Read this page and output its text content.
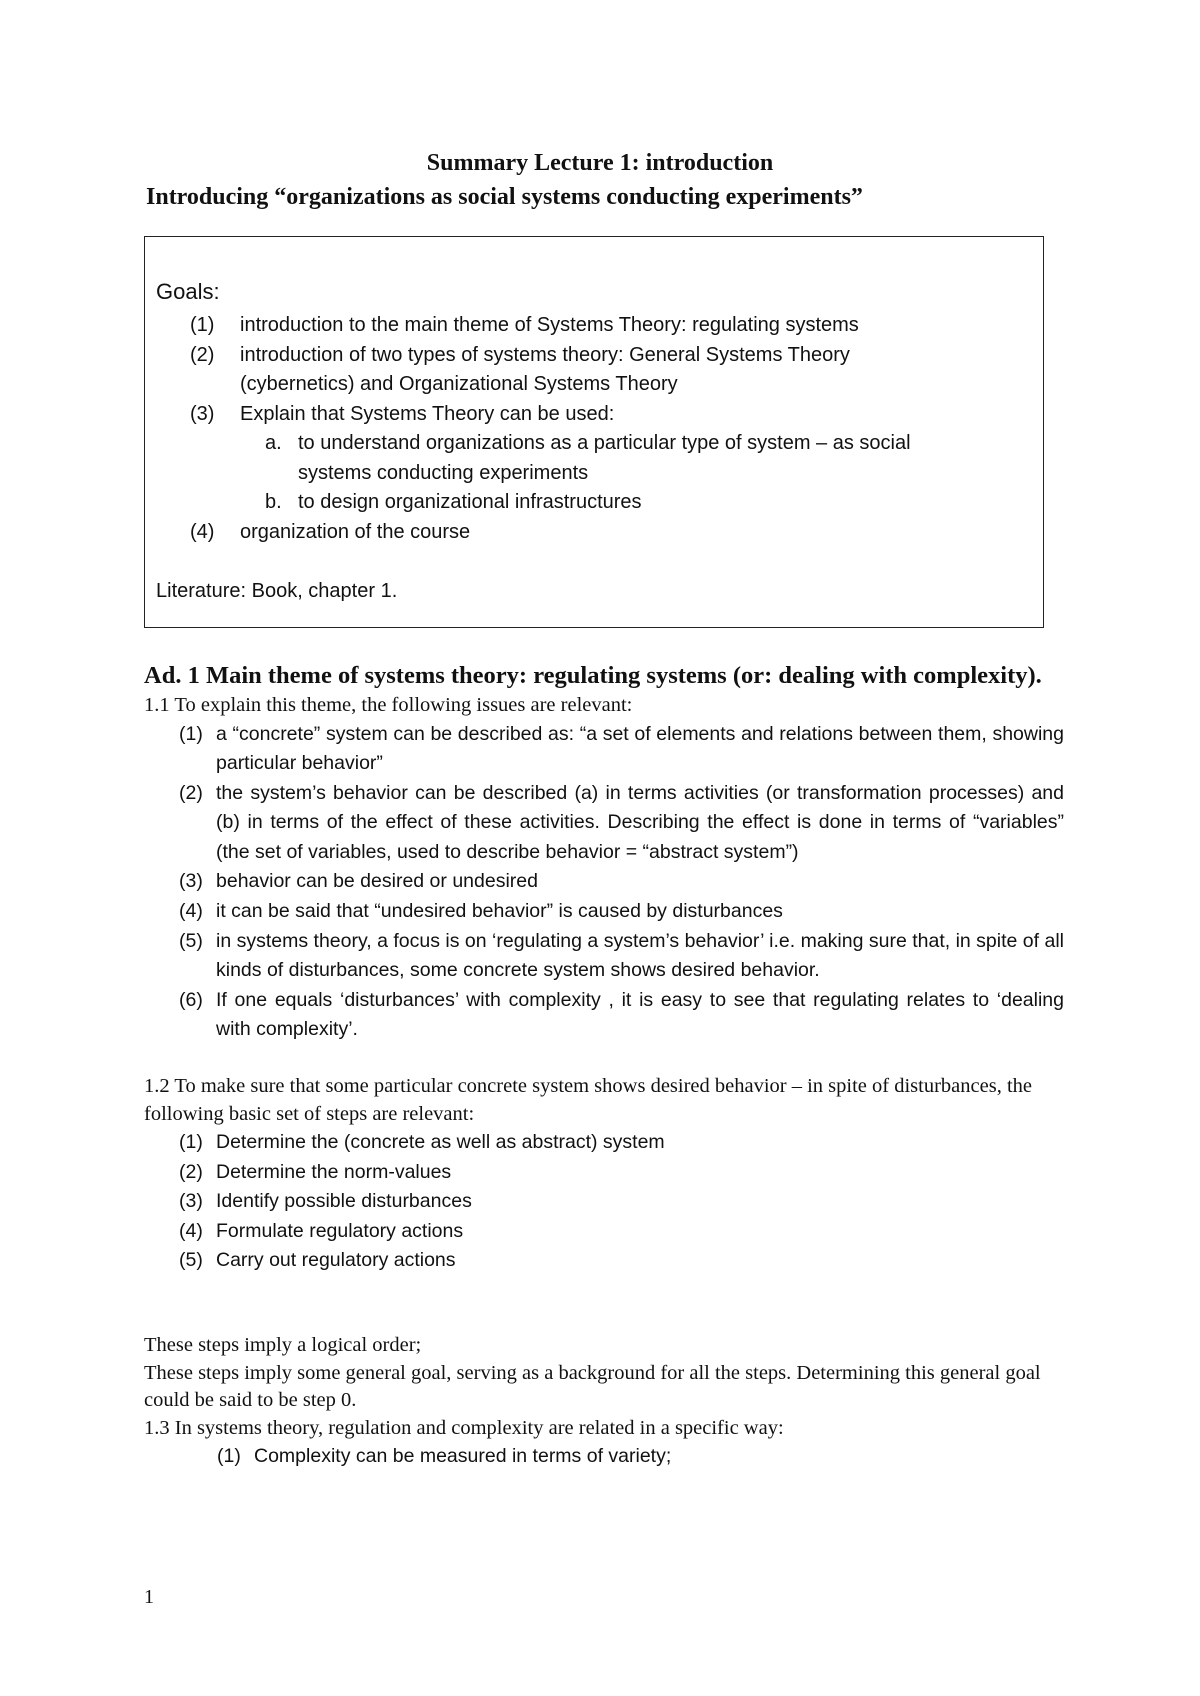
Summary Lecture 1: introduction
Introducing “organizations as social systems conducting experiments”
Goals:
(1)	introduction to the main theme of Systems Theory: regulating systems
(2)	introduction of two types of systems theory: General Systems Theory (cybernetics) and Organizational Systems Theory
(3)	Explain that Systems Theory can be used:
a. to understand organizations as a particular type of system – as social systems conducting experiments
b. to design organizational infrastructures
(4)	organization of the course
Literature: Book, chapter 1.
Ad. 1 Main theme of systems theory: regulating systems (or: dealing with complexity).
1.1 To explain this theme, the following issues are relevant:
(1) a “concrete” system can be described as: “a set of elements and relations between them, showing particular behavior”
(2) the system’s behavior can be described (a) in terms activities (or transformation processes) and (b) in terms of the effect of these activities. Describing the effect is done in terms of “variables” (the set of variables, used to describe behavior = “abstract system”)
(3) behavior can be desired or undesired
(4) it can be said that “undesired behavior” is caused by disturbances
(5) in systems theory, a focus is on ‘regulating a system’s behavior’ i.e. making sure that, in spite of all kinds of disturbances, some concrete system shows desired behavior.
(6) If one equals ‘disturbances’ with complexity , it is easy to see that regulating relates to ‘dealing with complexity’.
1.2 To make sure that some particular concrete system shows desired behavior – in spite of disturbances, the following basic set of steps are relevant:
(1) Determine the (concrete as well as abstract) system
(2) Determine the norm-values
(3) Identify possible disturbances
(4) Formulate regulatory actions
(5) Carry out regulatory actions
These steps imply a logical order;
These steps imply some general goal, serving as a background for all the steps. Determining this general goal could be said to be step 0.
1.3 In systems theory, regulation and complexity are related in a specific way:
(1) Complexity can be measured in terms of variety;
1
